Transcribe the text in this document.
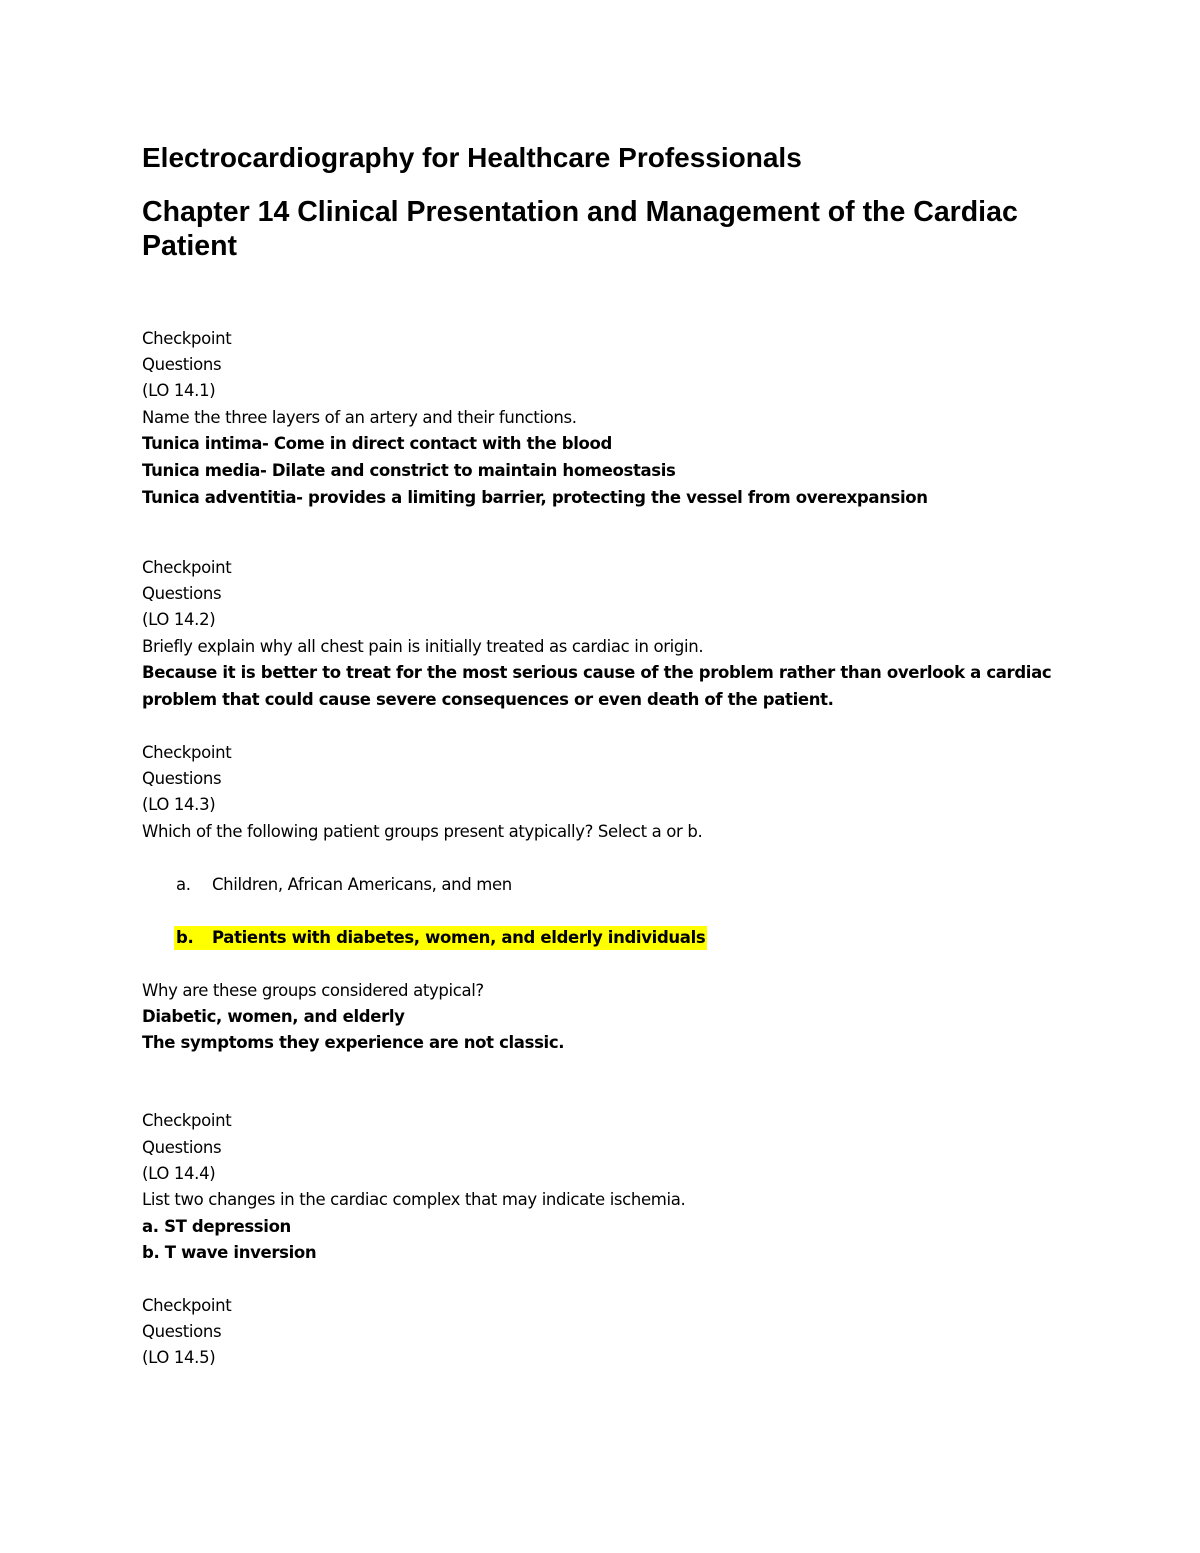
Electrocardiography for Healthcare Professionals
Chapter 14 Clinical Presentation and Management of the Cardiac
Patient
Checkpoint
Questions
(LO 14.1)
Name the three layers of an artery and their functions.
Tunica intima- Come in direct contact with the blood
Tunica media- Dilate and constrict to maintain homeostasis
Tunica adventitia- provides a limiting barrier, protecting the vessel from overexpansion
Checkpoint
Questions
(LO 14.2)
Briefly explain why all chest pain is initially treated as cardiac in origin.
Because it is better to treat for the most serious cause of the problem rather than overlook a cardiac
problem that could cause severe consequences or even death of the patient.
Checkpoint
Questions
(LO 14.3)
Which of the following patient groups present atypically? Select a or b.
a. Children, African Americans, and men
b. Patients with diabetes, women, and elderly individuals
Why are these groups considered atypical?
Diabetic, women, and elderly
The symptoms they experience are not classic.
Checkpoint
Questions
(LO 14.4)
List two changes in the cardiac complex that may indicate ischemia.
a. ST depression
b. T wave inversion
Checkpoint
Questions
(LO 14.5)
